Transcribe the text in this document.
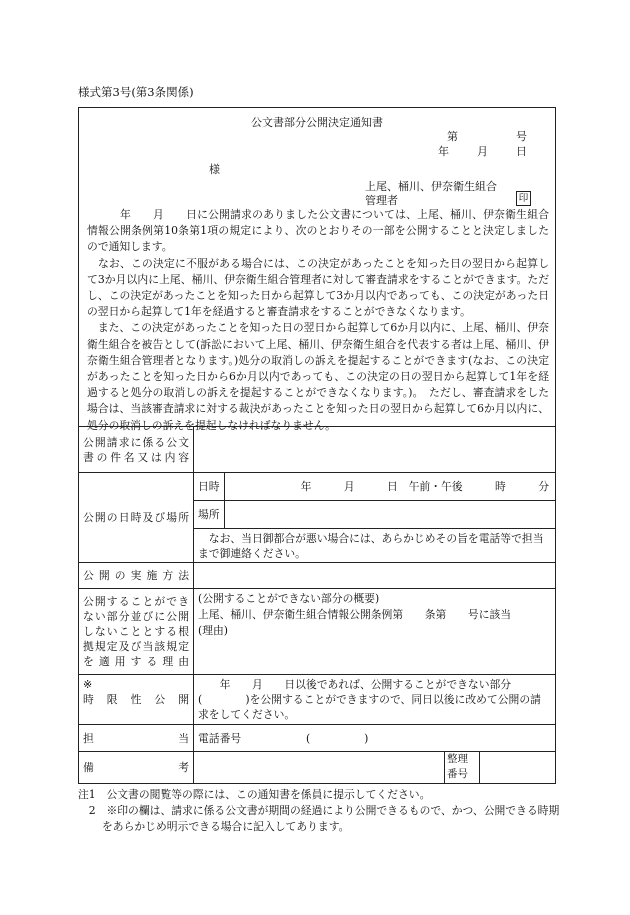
様式第3号(第3条関係)
公文書部分公開決定通知書
第	号
年	月	日
様
上尾、桶川、伊奈衛生組合
管理者	印

　　　年　　月　　日に公開請求のありました公文書については、上尾、桶川、伊奈衛生組合情報公開条例第10条第1項の規定により、次のとおりその一部を公開することと決定しましたので通知します。

　なお、この決定に不服がある場合には、この決定があったことを知った日の翌日から起算して3か月以内に上尾、桶川、伊奈衛生組合管理者に対して審査請求をすることができます。ただし、この決定があったことを知った日から起算して3か月以内であっても、この決定があった日の翌日から起算して1年を経過すると審査請求をすることができなくなります。

　また、この決定があったことを知った日の翌日から起算して6か月以内に、上尾、桶川、伊奈衛生組合を被告として(訴訟において上尾、桶川、伊奈衛生組合を代表する者は上尾、桶川、伊奈衛生組合管理者となります。)処分の取消しの訴えを提起することができます(なお、この決定があったことを知った日から6か月以内であっても、この決定の日の翌日から起算して1年を経過すると処分の取消しの訴えを提起することができなくなります。)。　ただし、審査請求をした場合は、当該審査請求に対する裁決があったことを知った日の翌日から起算して6か月以内に、処分の取消しの訴えを提起しなければなりません。

公開請求に係る公文書の件名又は内容			
公開の日時及び場所	日時	年　　　月　　　日　午前・午後　　　時　　　分	
	場所		
	　なお、当日御都合が悪い場合には、あらかじめその旨を電話等で担当まで御連絡ください。		
公開の実施方法			
公開することができない部分並びに公開しないこととする根拠規定及び当該規定を適用する理由	(公開することができない部分の概要)
上尾、桶川、伊奈衛生組合情報公開条例第　　条第　　号に該当
(理由)		

※
時限性公開	　　年　　月　　日以後であれば、公開することができない部分(　　　　)を公開することができますので、同日以後に改めて公開の請求をしてください。		
担当	電話番号　　　　　　(　　　　　)		
備考			整理番号
注1　公文書の閲覧等の際には、この通知書を係員に提示してください。
　2　※印の欄は、請求に係る公文書が期間の経過により公開できるもので、かつ、公開できる時期をあらかじめ明示できる場合に記入してあります。
